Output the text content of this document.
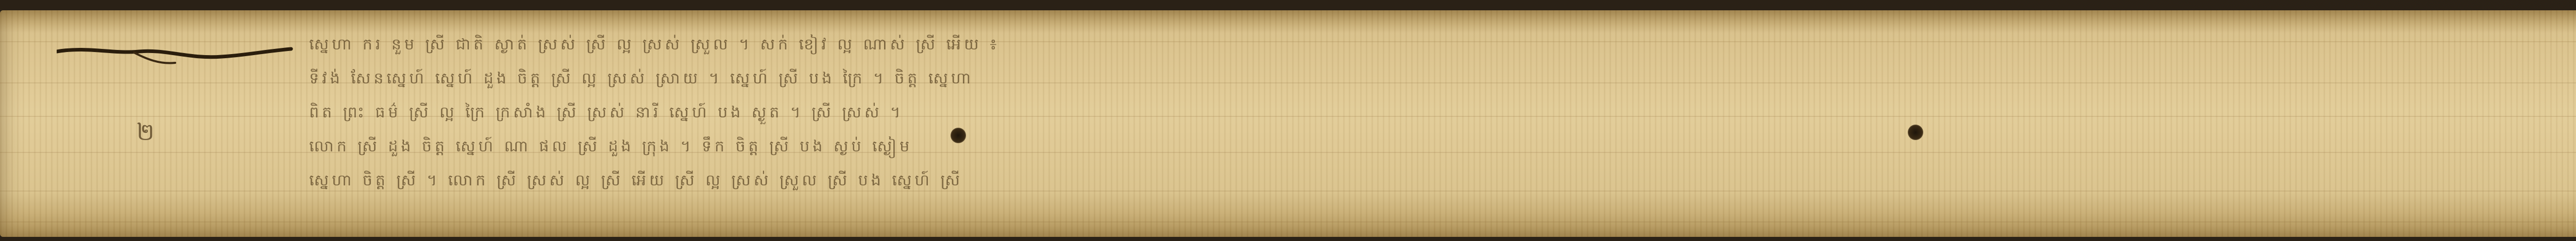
២
ស្នេហា ករ នួម ស្រី ជាតិ ស្ងាត់ ស្រស់ ស្រី ល្អ ស្រស់ ស្រួល ។ សក់ ខៀវ ល្អ ណាស់ ស្រី អើយ ៖
ទីវង់ សែនស្នេហ៍ ស្នេហ៍ ដួង ចិត្ត ស្រី ល្អ ស្រស់ ស្រាយ ។ ស្នេហ៍ ស្រី បង ក្រៃ ។ ចិត្ត ស្នេហា
ពិត ព្រះ ធម៌ ស្រី ល្អ ក្រៃ ក្រសាំង ស្រី ស្រស់ នារី ស្នេហ៍ បង ស្ងួត ។ ស្រី ស្រស់ ។
លោក ស្រី ដួង ចិត្ត ស្នេហ៍ ណា ផល ស្រី ដួង ក្រុង ។ ទឹក ចិត្ត ស្រី បង ស្ងប់ ស្ងៀម
ស្នេហា ចិត្ត ស្រី ។ លោក ស្រី ស្រស់ ល្អ ស្រី អើយ ស្រី ល្អ ស្រស់ ស្រួល ស្រី បង ស្នេហ៍ ស្រី
